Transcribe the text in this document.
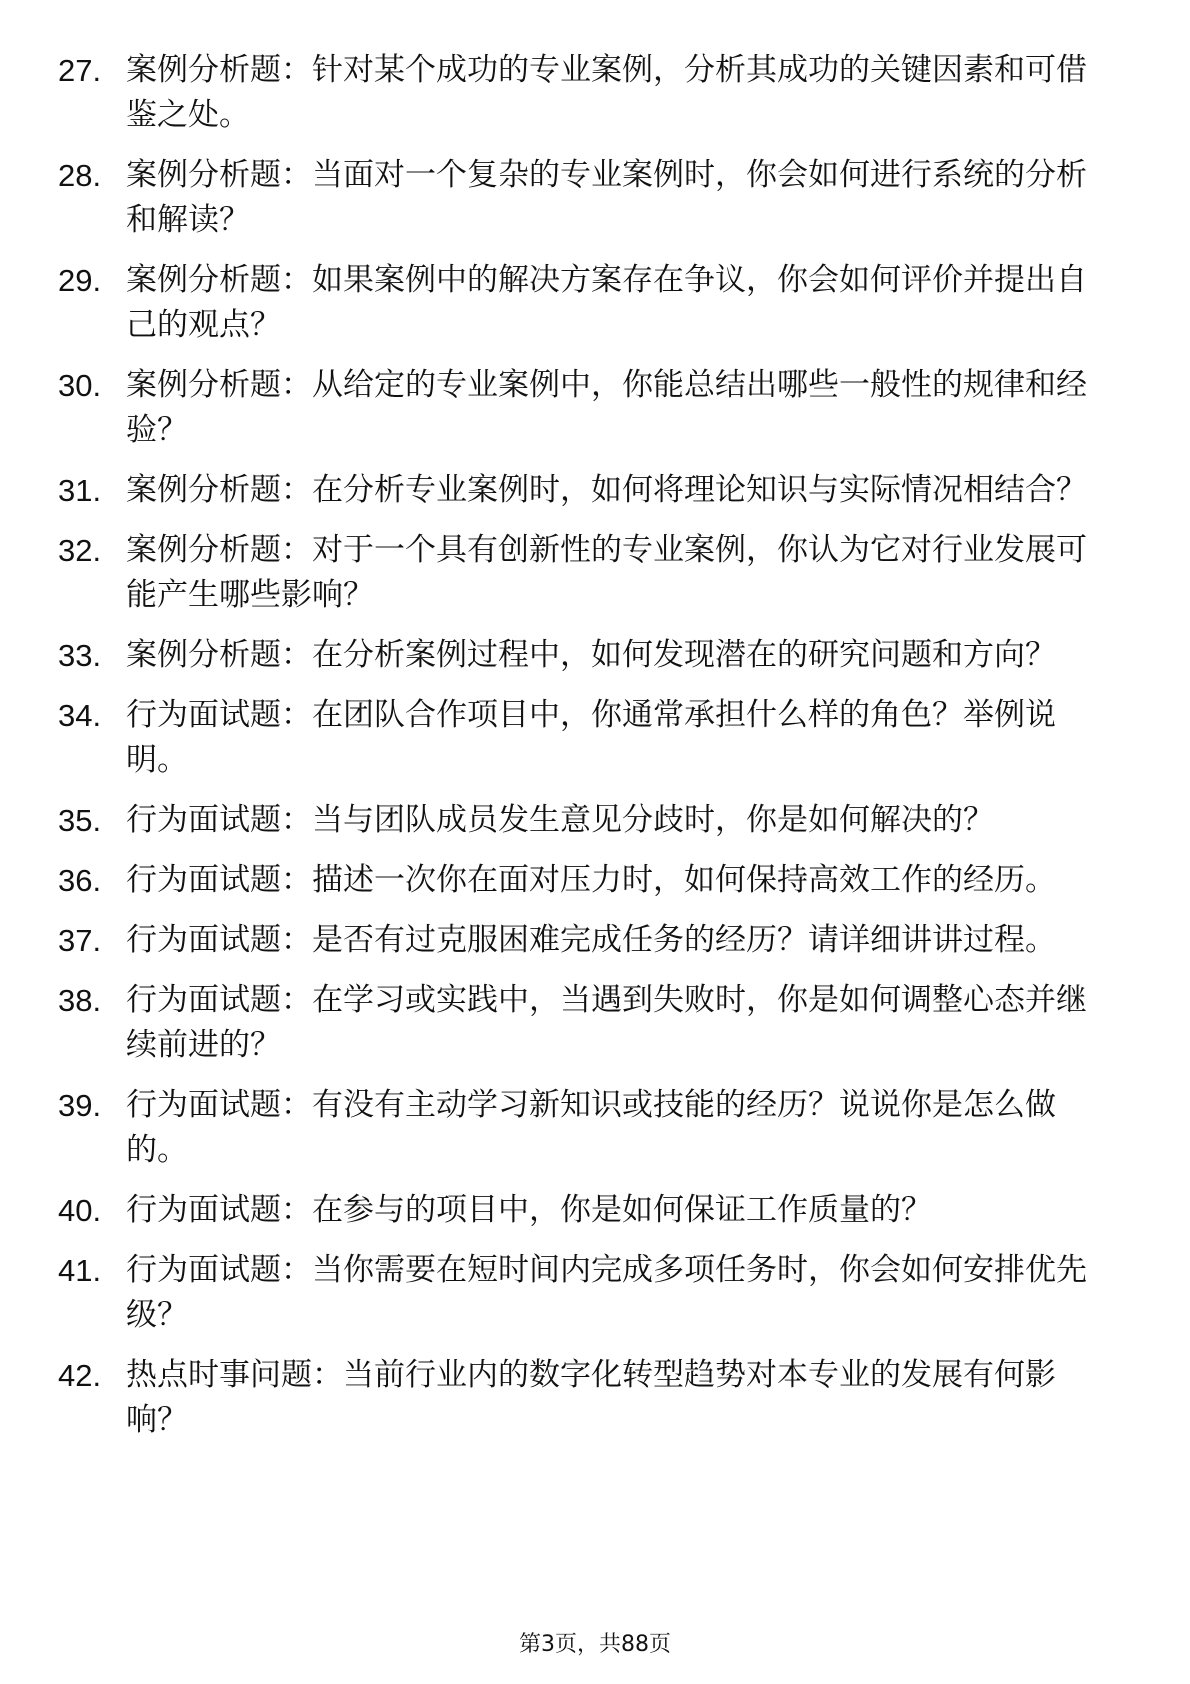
27. 案例分析题：针对某个成功的专业案例，分析其成功的关键因素和可借鉴之处。
28. 案例分析题：当面对一个复杂的专业案例时，你会如何进行系统的分析和解读？
29. 案例分析题：如果案例中的解决方案存在争议，你会如何评价并提出自己的观点？
30. 案例分析题：从给定的专业案例中，你能总结出哪些一般性的规律和经验？
31. 案例分析题：在分析专业案例时，如何将理论知识与实际情况相结合？
32. 案例分析题：对于一个具有创新性的专业案例，你认为它对行业发展可能产生哪些影响？
33. 案例分析题：在分析案例过程中，如何发现潜在的研究问题和方向？
34. 行为面试题：在团队合作项目中，你通常承担什么样的角色？举例说明。
35. 行为面试题：当与团队成员发生意见分歧时，你是如何解决的？
36. 行为面试题：描述一次你在面对压力时，如何保持高效工作的经历。
37. 行为面试题：是否有过克服困难完成任务的经历？请详细讲讲过程。
38. 行为面试题：在学习或实践中，当遇到失败时，你是如何调整心态并继续前进的？
39. 行为面试题：有没有主动学习新知识或技能的经历？说说你是怎么做的。
40. 行为面试题：在参与的项目中，你是如何保证工作质量的？
41. 行为面试题：当你需要在短时间内完成多项任务时，你会如何安排优先级？
42. 热点时事问题：当前行业内的数字化转型趋势对本专业的发展有何影响？
第3页，共88页
